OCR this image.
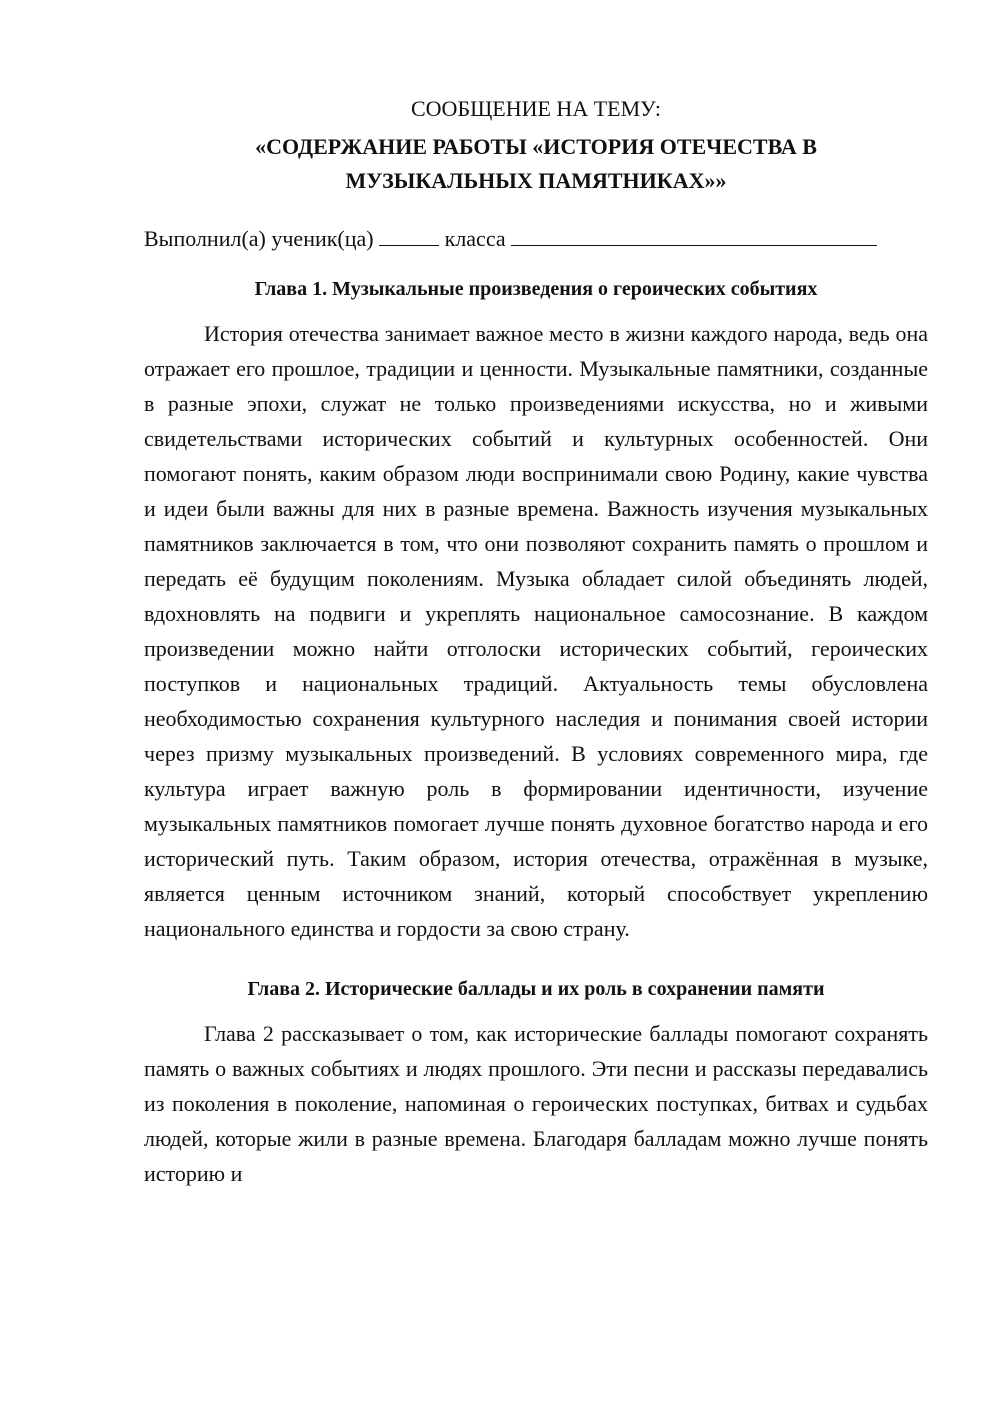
СООБЩЕНИЕ НА ТЕМУ:

«СОДЕРЖАНИЕ РАБОТЫ «ИСТОРИЯ ОТЕЧЕСТВА В
МУЗЫКАЛЬНЫХ ПАМЯТНИКАХ»»

Выполнил(а) ученик(ца)	класса

Глава 1. Музыкальные произведения о героических событиях

История отечества занимает важное место в жизни каждого народа, ведь она отражает его прошлое, традиции и ценности. Музыкальные памятники, созданные в разные эпохи, служат не только произведениями искусства, но и живыми свидетельствами исторических событий и культурных особенностей. Они помогают понять, каким образом люди воспринимали свою Родину, какие чувства и идеи были важны для них в разные времена. Важность изучения музыкальных памятников заключается в том, что они позволяют сохранить память о прошлом и передать её будущим поколениям. Музыка обладает силой объединять людей, вдохновлять на подвиги и укреплять национальное самосознание. В каждом произведении можно найти отголоски исторических событий, героических поступков и национальных традиций. Актуальность темы обусловлена необходимостью сохранения культурного наследия и понимания своей истории через призму музыкальных произведений. В условиях современного мира, где культура играет важную роль в формировании идентичности, изучение музыкальных памятников помогает лучше понять духовное богатство народа и его исторический путь. Таким образом, история отечества, отражённая в музыке, является ценным источником знаний, который способствует укреплению национального единства и гордости за свою страну.

Глава 2. Исторические баллады и их роль в сохранении памяти

Глава 2 рассказывает о том, как исторические баллады помогают сохранять память о важных событиях и людях прошлого. Эти песни и рассказы передавались из поколения в поколение, напоминая о героических поступках, битвах и судьбах людей, которые жили в разные времена. Благодаря балладам можно лучше понять историю и
